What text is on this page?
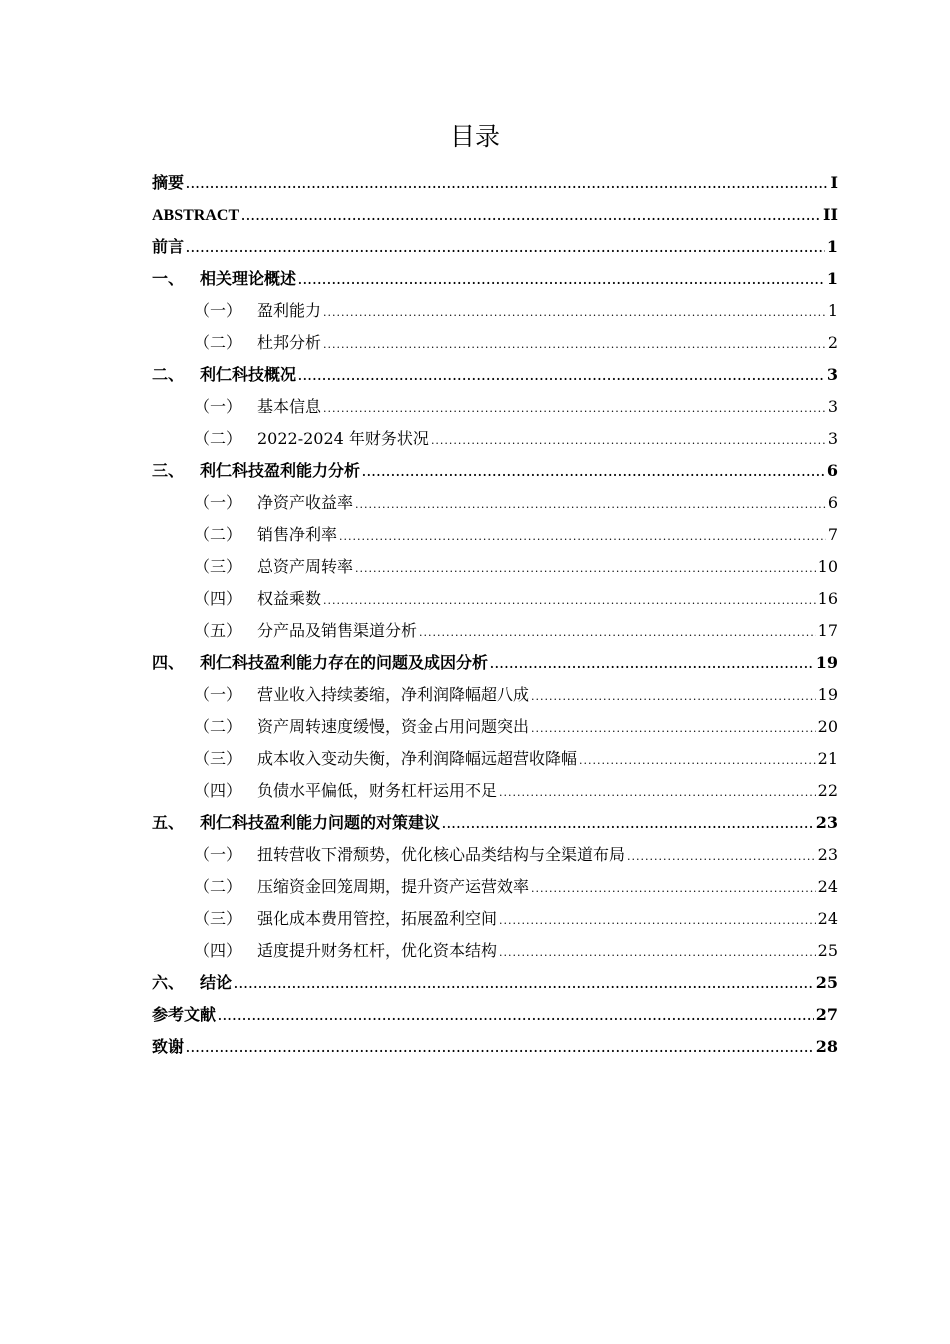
目录
摘要 .....	I
ABSTRACT .....	II
前言 .....	1
一、 相关理论概述 .....	1
（一） 盈利能力 .....	1
（二） 杜邦分析 .....	2
二、 利仁科技概况 .....	3
（一） 基本信息 .....	3
（二） 2022-2024 年财务状况 .....	3
三、 利仁科技盈利能力分析 .....	6
（一） 净资产收益率 .....	6
（二） 销售净利率 .....	7
（三） 总资产周转率 .....	10
（四） 权益乘数 .....	16
（五） 分产品及销售渠道分析 .....	17
四、 利仁科技盈利能力存在的问题及成因分析 .....	19
（一） 营业收入持续萎缩，净利润降幅超八成 .....	19
（二） 资产周转速度缓慢，资金占用问题突出 .....	20
（三） 成本收入变动失衡，净利润降幅远超营收降幅 .....	21
（四） 负债水平偏低，财务杠杆运用不足 .....	22
五、 利仁科技盈利能力问题的对策建议 .....	23
（一） 扭转营收下滑颓势，优化核心品类结构与全渠道布局 .....	23
（二） 压缩资金回笼周期，提升资产运营效率 .....	24
（三） 强化成本费用管控，拓展盈利空间 .....	24
（四） 适度提升财务杠杆，优化资本结构 .....	25
六、 结论 .....	25
参考文献 .....	27
致谢 .....	28
